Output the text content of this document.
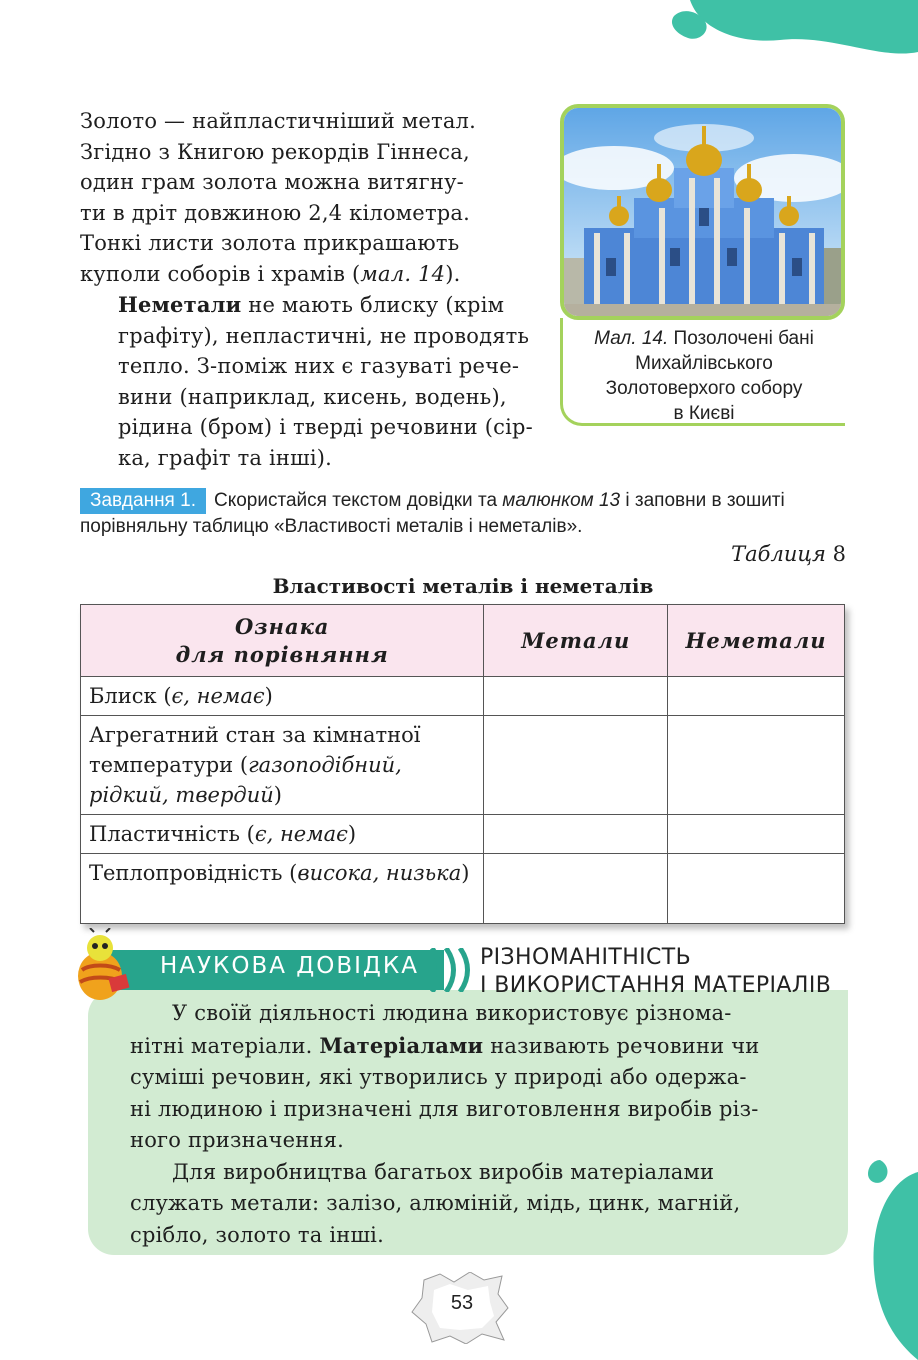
Золото — найпластичніший метал.
Згідно з Книгою рекордів Гіннеса,
один грам золота можна витягну-
ти в дріт довжиною 2,4 кілометра.
Тонкі листи золота прикрашають
куполи соборів і храмів (мал. 14).
Неметали не мають блиску (крім
графіту), непластичні, не проводять
тепло. З-поміж них є газуваті рече-
вини (наприклад, кисень, водень),
рідина (бром) і тверді речовини (сір-
ка, графіт та інші).
Мал. 14. Позолочені бані
Михайлівського
Золотоверхого собору
в Києві
Завдання 1. Скористайся текстом довідки та малюнком 13 і заповни в зошиті порівняльну таблицю «Властивості металів і неметалів».
Таблиця 8
Властивості металів і неметалів
Ознака
для порівняння	Метали	Неметали
Блиск (є, немає)		
Агрегатний стан за кімнатної температури (газоподібний, рідкий, твердий)		
Пластичність (є, немає)		
Теплопровідність (висока, низька)		
НАУКОВА ДОВІДКА	РІЗНОМАНІТНІСТЬ
І ВИКОРИСТАННЯ МАТЕРІАЛІВ

У своїй діяльності людина використовує різнома-
нітні матеріали. Матеріалами називають речовини чи
суміші речовин, які утворились у природі або одержа-
ні людиною і призначені для виготовлення виробів різ-
ного призначення.

Для виробництва багатьох виробів матеріалами
служать метали: залізо, алюміній, мідь, цинк, магній,
срібло, золото та інші.

53
